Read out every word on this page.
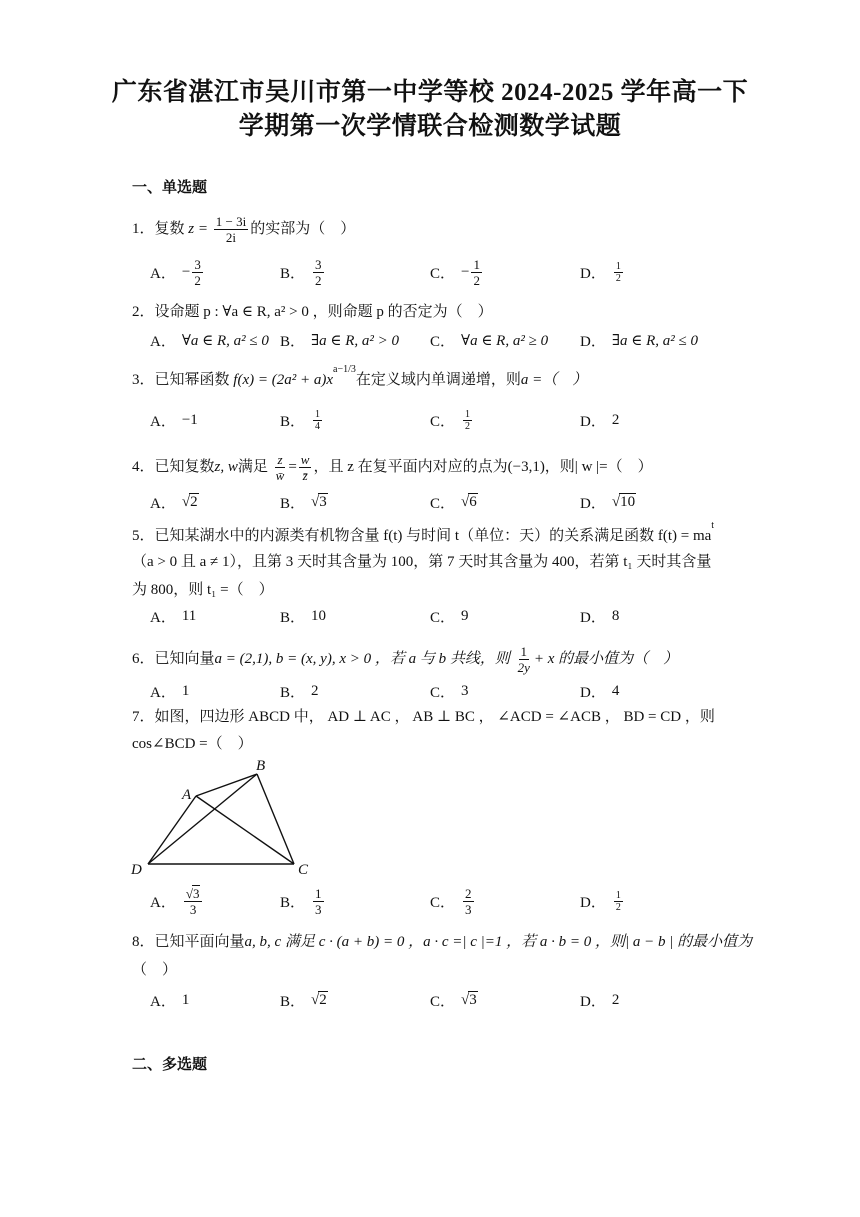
广东省湛江市吴川市第一中学等校 2024-2025 学年高一下
学期第一次学情联合检测数学试题
一、单选题
1．复数 $z = \frac{1 - 3i}{2i}$ 的实部为（　）
A． − $\frac{3}{2}$	B． $\frac{3}{2}$	C． − $\frac{1}{2}$	D． $\frac{1}{2}$
2．设命题 p : ∀a ∈ R, a² > 0 ，则命题 p 的否定为（　）
A． ∀a ∈ R, a² ≤ 0 B． ∃a ∈ R, a² > 0 C． ∀a ∈ R, a² ≥ 0 D． ∃a ∈ R, a² ≤ 0
3．已知幂函数 $f(x) = (2a^2 + a)x^{a-1/3}$在定义域内单调递增，则a =（　）
A． −1	B． $\frac{1}{4}$	C． $\frac{1}{2}$	D． 2
4．已知复数z, w满足 $\frac{z}{w̄} = \frac{w}{z̄}$ ，且 z 在复平面内对应的点为(−3,1)，则| w |=（　）
A． √ 2	B． √ 3	C． √ 6	D． √ 10
5．已知某湖水中的内源类有机物含量 f(t) 与时间 t（单位：天）的关系满足函数 $f(t) = ma^t$
（a > 0 且 a ≠ 1），且第 3 天时其含量为 100，第 7 天时其含量为 400，若第 t₁ 天时其含量
为 800，则 t₁ =（　）
A． 11	B． 10	C． 9	D． 8
6．已知向量a = (2,1), b = (x, y), x > 0 ，若 a 与 b 共线，则 $\frac{1}{2y} + x$ 的最小值为（　）
A． 1	B． 2	C． 3	D． 4
7．如图，四边形 ABCD 中， AD ⊥ AC ， AB ⊥ BC ， ∠ACD = ∠ACB ， BD = CD ，则
cos∠BCD =（　）
A
B
C
D
A． $\frac{√ 3}{3}$	B． $\frac{1}{3}$	C． $\frac{2}{3}$	D． $\frac{1}{2}$
8．已知平面向量a, b, c 满足 c · (a + b) = 0 ，a · c =| c |=1 ，若 a · b = 0 ，则| a − b | 的最小值为
（　）
A． 1	B． √ 2	C． √ 3	D． 2
二、多选题
